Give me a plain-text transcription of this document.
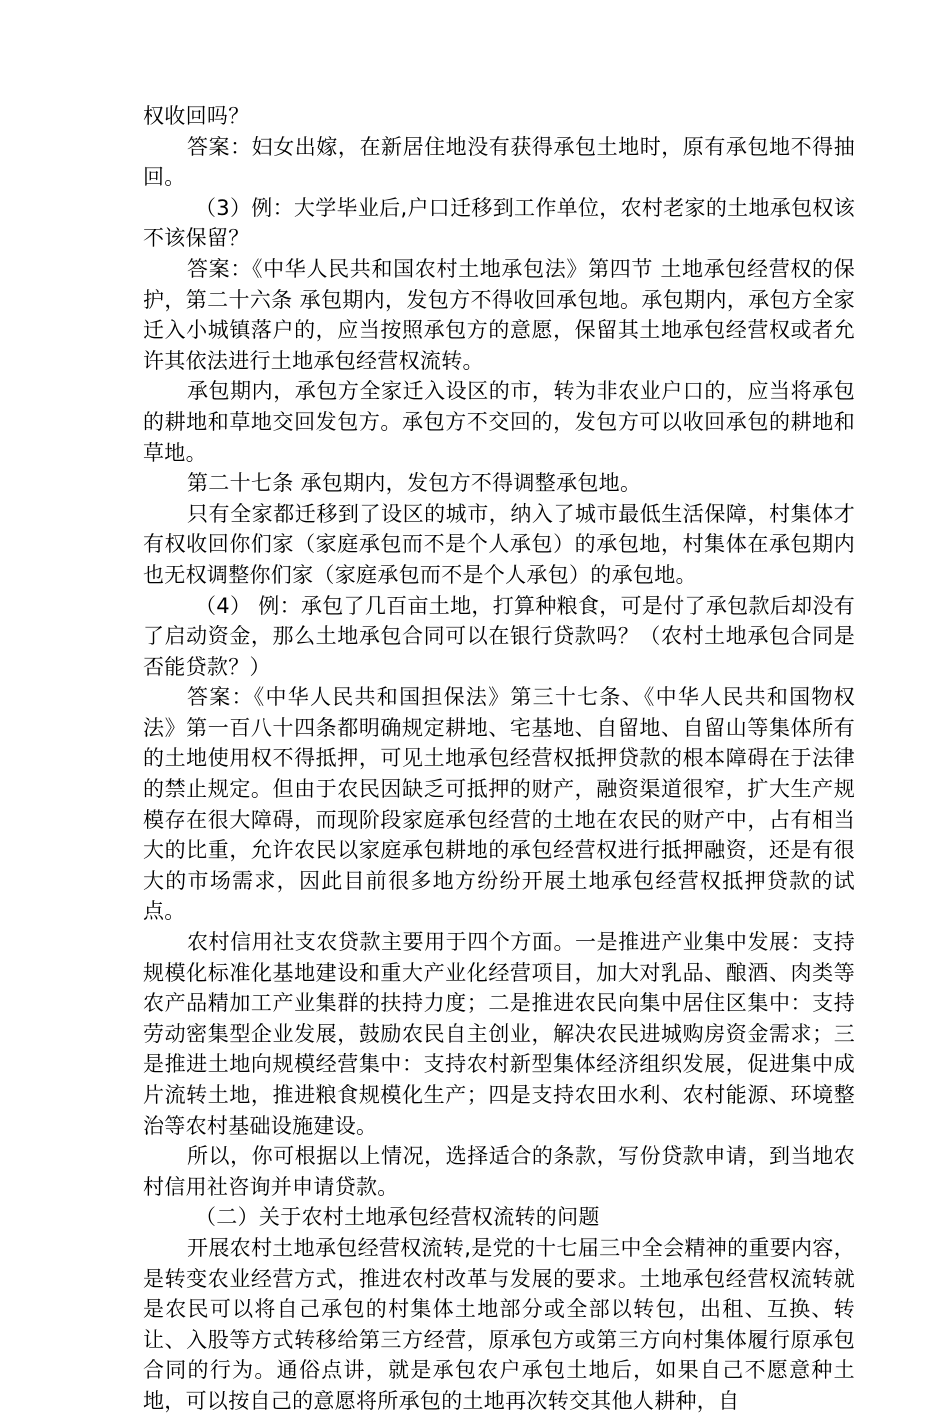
权收回吗？

答案：妇女出嫁，在新居住地没有获得承包土地时，原有承包地不得抽回。

（3）例：大学毕业后,户口迁移到工作单位，农村老家的土地承包权该不该保留？

答案：《中华人民共和国农村土地承包法》第四节 土地承包经营权的保护，第二十六条 承包期内，发包方不得收回承包地。承包期内，承包方全家迁入小城镇落户的，应当按照承包方的意愿，保留其土地承包经营权或者允许其依法进行土地承包经营权流转。

承包期内，承包方全家迁入设区的市，转为非农业户口的，应当将承包的耕地和草地交回发包方。承包方不交回的，发包方可以收回承包的耕地和草地。

第二十七条 承包期内，发包方不得调整承包地。

只有全家都迁移到了设区的城市，纳入了城市最低生活保障，村集体才有权收回你们家（家庭承包而不是个人承包）的承包地，村集体在承包期内也无权调整你们家（家庭承包而不是个人承包）的承包地。

（4） 例：承包了几百亩土地，打算种粮食，可是付了承包款后却没有了启动资金，那么土地承包合同可以在银行贷款吗？（农村土地承包合同是否能贷款？）

答案：《中华人民共和国担保法》第三十七条、《中华人民共和国物权法》第一百八十四条都明确规定耕地、宅基地、自留地、自留山等集体所有的土地使用权不得抵押，可见土地承包经营权抵押贷款的根本障碍在于法律的禁止规定。但由于农民因缺乏可抵押的财产，融资渠道很窄，扩大生产规模存在很大障碍，而现阶段家庭承包经营的土地在农民的财产中，占有相当大的比重，允许农民以家庭承包耕地的承包经营权进行抵押融资，还是有很大的市场需求，因此目前很多地方纷纷开展土地承包经营权抵押贷款的试点。

农村信用社支农贷款主要用于四个方面。一是推进产业集中发展：支持规模化标准化基地建设和重大产业化经营项目，加大对乳品、酿酒、肉类等农产品精加工产业集群的扶持力度；二是推进农民向集中居住区集中：支持劳动密集型企业发展，鼓励农民自主创业，解决农民进城购房资金需求；三是推进土地向规模经营集中：支持农村新型集体经济组织发展，促进集中成片流转土地，推进粮食规模化生产；四是支持农田水利、农村能源、环境整治等农村基础设施建设。

所以，你可根据以上情况，选择适合的条款，写份贷款申请，到当地农村信用社咨询并申请贷款。

（二）关于农村土地承包经营权流转的问题

开展农村土地承包经营权流转,是党的十七届三中全会精神的重要内容，是转变农业经营方式，推进农村改革与发展的要求。土地承包经营权流转就是农民可以将自己承包的村集体土地部分或全部以转包，出租、互换、转让、入股等方式转移给第三方经营，原承包方或第三方向村集体履行原承包合同的行为。通俗点讲，就是承包农户承包土地后，如果自己不愿意种土地，可以按自己的意愿将所承包的土地再次转交其他人耕种，自
